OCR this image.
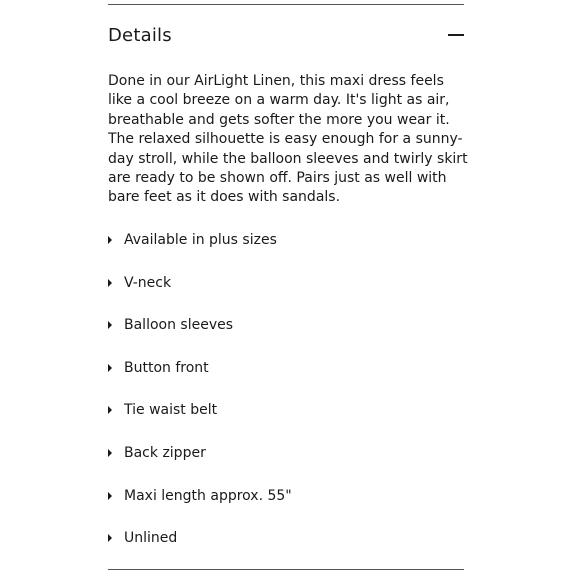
Details

Done in our AirLight Linen, this maxi dress feels like a cool breeze on a warm day. It's light as air, breathable and gets softer the more you wear it. The relaxed silhouette is easy enough for a sunny-day stroll, while the balloon sleeves and twirly skirt are ready to be shown off. Pairs just as well with bare feet as it does with sandals.

Available in plus sizes
V-neck
Balloon sleeves
Button front
Tie waist belt
Back zipper
Maxi length approx. 55"
Unlined
